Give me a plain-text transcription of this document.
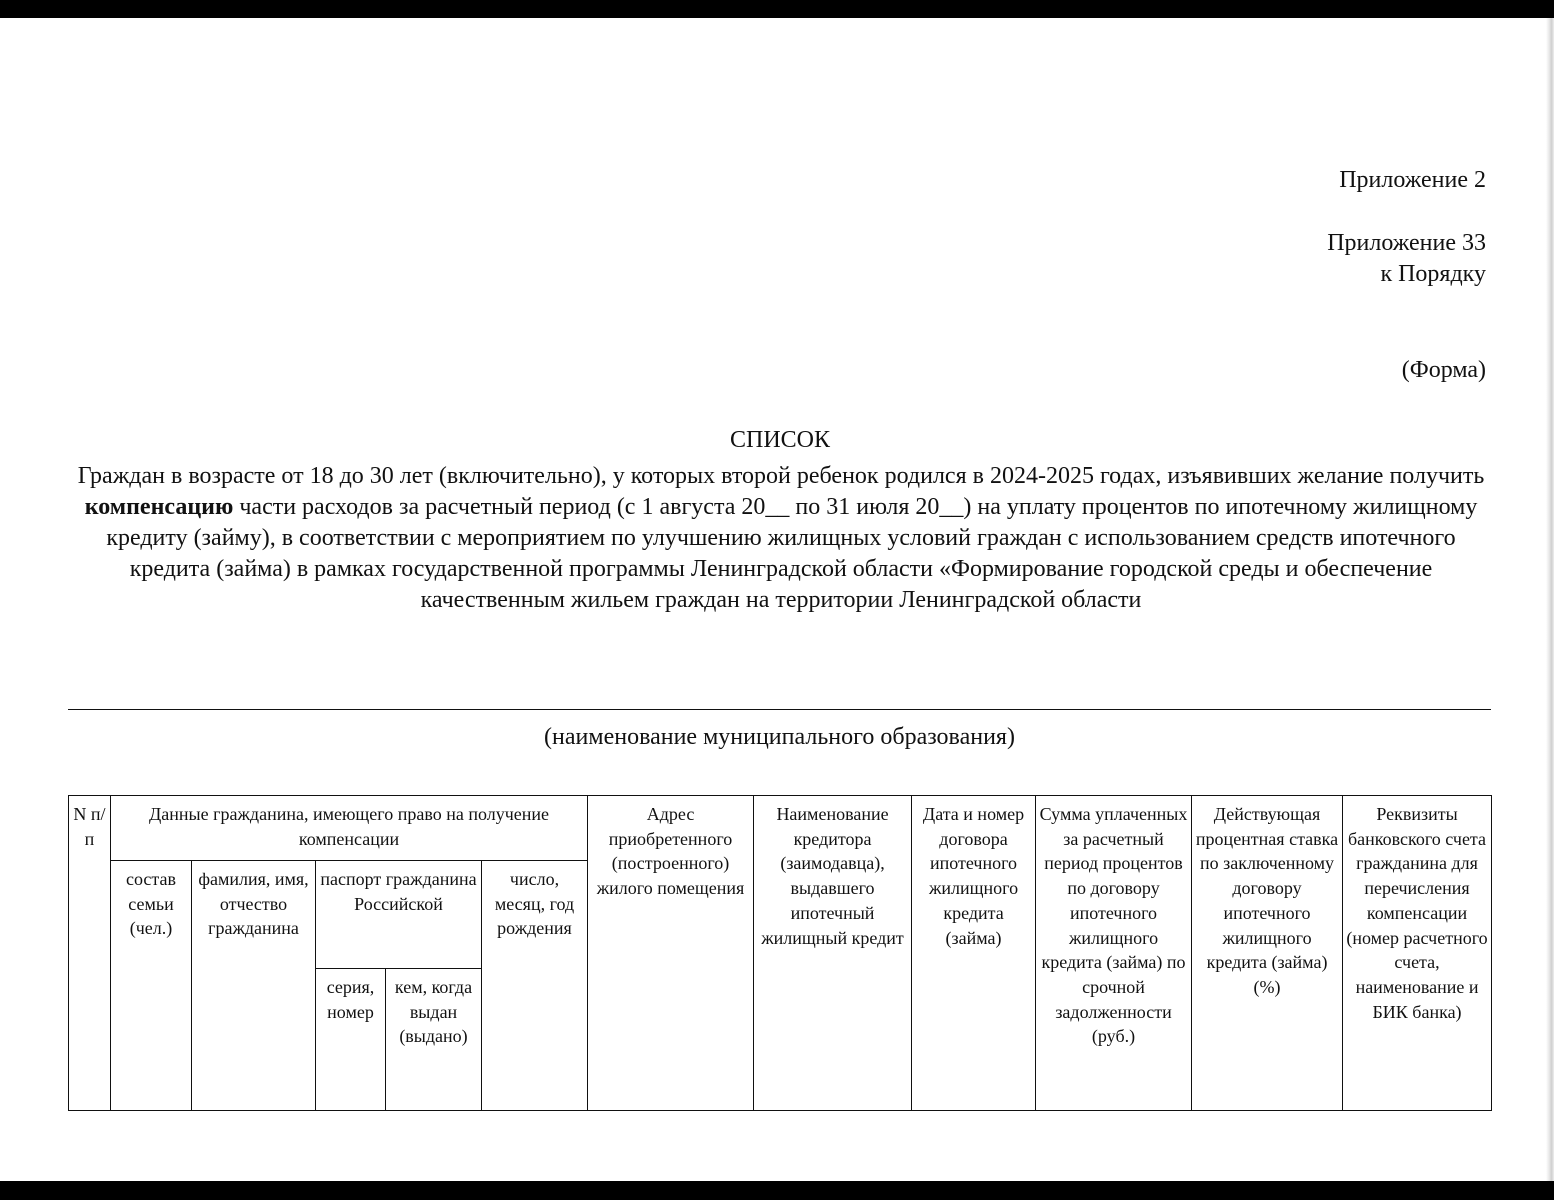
Приложение 2
Приложение 33
к Порядку
(Форма)
СПИСОК
Граждан в возрасте от 18 до 30 лет (включительно), у которых второй ребенок родился в 2024-2025 годах, изъявивших желание получить компенсацию части расходов за расчетный период (с 1 августа 20__ по 31 июля 20__) на уплату процентов по ипотечному жилищному кредиту (займу), в соответствии с мероприятием по улучшению жилищных условий граждан с использованием средств ипотечного кредита (займа) в рамках государственной программы Ленинградской области «Формирование городской среды и обеспечение качественным жильем граждан на территории Ленинградской области
(наименование муниципального образования)
N п/п	Данные гражданина, имеющего право на получение компенсации					Адрес приобретенного (построенного) жилого помещения	Наименование кредитора (заимодавца), выдавшего ипотечный жилищный кредит	Дата и номер договора ипотечного жилищного кредита (займа)	Сумма уплаченных за расчетный период процентов по договору ипотечного жилищного кредита (займа) по срочной задолженности (руб.)	Действующая процентная ставка по заключенному договору ипотечного жилищного кредита (займа) (%)	Реквизиты банковского счета гражданина для перечисления компенсации (номер расчетного счета, наименование и БИК банка)
	состав семьи (чел.)	фамилия, имя, отчество гражданина	паспорт гражданина Российской		число, месяц, год рождения						
			серия, номер	кем, когда выдан (выдано)							
